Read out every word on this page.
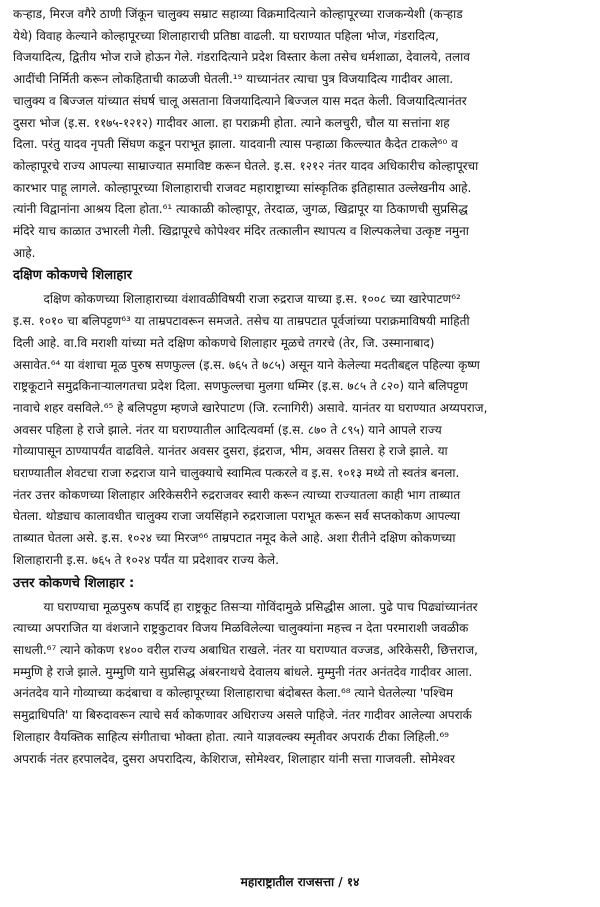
कऱ्हाड, मिरज वगैरे ठाणी जिंकून चालुक्य सम्राट सहाव्या विक्रमादित्याने कोल्हापूरच्या राजकन्येशी (कऱ्हाड

येथे) विवाह केल्याने कोल्हापूरच्या शिलाहाराची प्रतिष्ठा वाढली. या घराण्यात पहिला भोज, गंडरादित्य,

विजयादित्य, द्वितीय भोज राजे होऊन गेले. गंडरादित्याने प्रदेश विस्तार केला तसेच धर्मशाळा, देवालये, तलाव

आदींची निर्मिती करून लोकहिताची काळजी घेतली.¹⁹ याच्यानंतर त्याचा पुत्र विजयादित्य गादीवर आला.

चालुक्य व बिज्जल यांच्यात संघर्ष चालू असताना विजयादित्याने बिज्जल यास मदत केली. विजयादित्यानंतर

दुसरा भोज (इ.स. ११७५-१२१२) गादीवर आला. हा पराक्रमी होता. त्याने कलचुरी, चौल या सत्तांना शह

दिला. परंतु यादव नृपती सिंघण कडून पराभूत झाला. यादवानी त्यास पन्हाळा किल्ल्यात कैदेत टाकले⁶⁰ व

कोल्हापूरचे राज्य आपल्या साम्राज्यात समाविष्ट करून घेतले. इ.स. १२१२ नंतर यादव अधिकारीच कोल्हापूरचा

कारभार पाहू लागले. कोल्हापूरच्या शिलाहाराची राजवट महाराष्ट्राच्या सांस्कृतिक इतिहासात उल्लेखनीय आहे.

त्यांनी विद्वानांना आश्रय दिला होता.⁶¹ त्याकाळी कोल्हापूर, तेरदाळ, जुगळ, खिद्रापूर या ठिकाणची सुप्रसिद्ध

मंदिरे याच काळात उभारली गेली. खिद्रापूरचे कोपेश्वर मंदिर तत्कालीन स्थापत्य व शिल्पकलेचा उत्कृष्ट नमुना

आहे.

दक्षिण कोकणचे शिलाहार

दक्षिण कोकणच्या शिलाहाराच्या वंशावळीविषयी राजा रुद्रराज याच्या इ.स. १००८ च्या खारेपाटण⁶²

इ.स. १०१० चा बलिपट्टण⁶³ या ताम्रपटावरून समजते. तसेच या ताम्रपटात पूर्वजांच्या पराक्रमाविषयी माहिती

दिली आहे. वा.वि मराशी यांच्या मते दक्षिण कोकणचे शिलाहार मूळचे तगरचे (तेर, जि. उस्मानाबाद)

असावेत.⁶⁴ या वंशाचा मूळ पुरुष सणफुल्ल (इ.स. ७६५ ते ७८५) असून याने केलेल्या मदतीबद्दल पहिल्या कृष्ण

राष्ट्रकूटाने समुद्रकिनाऱ्यालगतचा प्रदेश दिला. सणफुल्लचा मुलगा धम्मिर (इ.स. ७८५ ते ८२०) याने बलिपट्टण

नावाचे शहर वसविले.⁶⁵ हे बलिपट्टण म्हणजे खारेपाटण (जि. रत्नागिरी) असावे. यानंतर या घराण्यात अय्यपराज,

अवसर पहिला हे राजे झाले. नंतर या घराण्यातील आदित्यवर्मा (इ.स. ८७० ते ८९५) याने आपले राज्य

गोव्यापासून ठाण्यापर्यंत वाढविले. यानंतर अवसर दुसरा, इंद्रराज, भीम, अवसर तिसरा हे राजे झाले. या

घराण्यातील शेवटचा राजा रुद्रराज याने चालुक्याचे स्वामित्व पत्करले व इ.स. १०१३ मध्ये तो स्वतंत्र बनला.

नंतर उत्तर कोकणच्या शिलाहार अरिकेसरीने रुद्रराजवर स्वारी करून त्याच्या राज्यातला काही भाग ताब्यात

घेतला. थोड्याच कालावधीत चालुक्य राजा जयसिंहाने रुद्रराजाला पराभूत करून सर्व सप्तकोकण आपल्या

ताब्यात घेतला असे. इ.स. १०२४ च्या मिरज⁶⁶ ताम्रपटात नमूद केले आहे. अशा रीतीने दक्षिण कोकणच्या

शिलाहारानी इ.स. ७६५ ते १०२४ पर्यंत या प्रदेशावर राज्य केले.

उत्तर कोकणचे शिलाहार :

या घराण्याचा मूळपुरुष कपर्दि हा राष्ट्रकूट तिसऱ्या गोविंदामुळे प्रसिद्धीस आला. पुढे पाच पिढ्यांच्यानंतर

त्याच्या अपराजित या वंशजाने राष्ट्रकुटावर विजय मिळविलेल्या चालुक्यांना महत्त्व न देता परमाराशी जवळीक

साधली.⁶⁷ त्याने कोकण १४०० वरील राज्य अबाधित राखले. नंतर या घराण्यात वज्जड, अरिकेसरी, छित्तराज,

मम्मुणि हे राजे झाले. मुम्मुणि याने सुप्रसिद्ध अंबरनाथचे देवालय बांधले. मुम्मुनी नंतर अनंतदेव गादीवर आला.

अनंतदेव याने गोव्याच्या कदंबाचा व कोल्हापूरच्या शिलाहाराचा बंदोबस्त केला.⁶⁸ त्याने घेतलेल्या 'पश्चिम

समुद्राधिपति' या बिरुदावरून त्याचे सर्व कोकणावर अधिराज्य असले पाहिजे. नंतर गादीवर आलेल्या अपरार्क

शिलाहार वैयक्तिक साहित्य संगीताचा भोक्ता होता. त्याने याज्ञवल्क्य स्मृतीवर अपरार्क टीका लिहिली.⁶⁹

अपरार्क नंतर हरपालदेव, दुसरा अपरादित्य, केशिराज, सोमेश्वर, शिलाहार यांनी सत्ता गाजवली. सोमेश्वर

महाराष्ट्रातील राजसत्ता / १४
